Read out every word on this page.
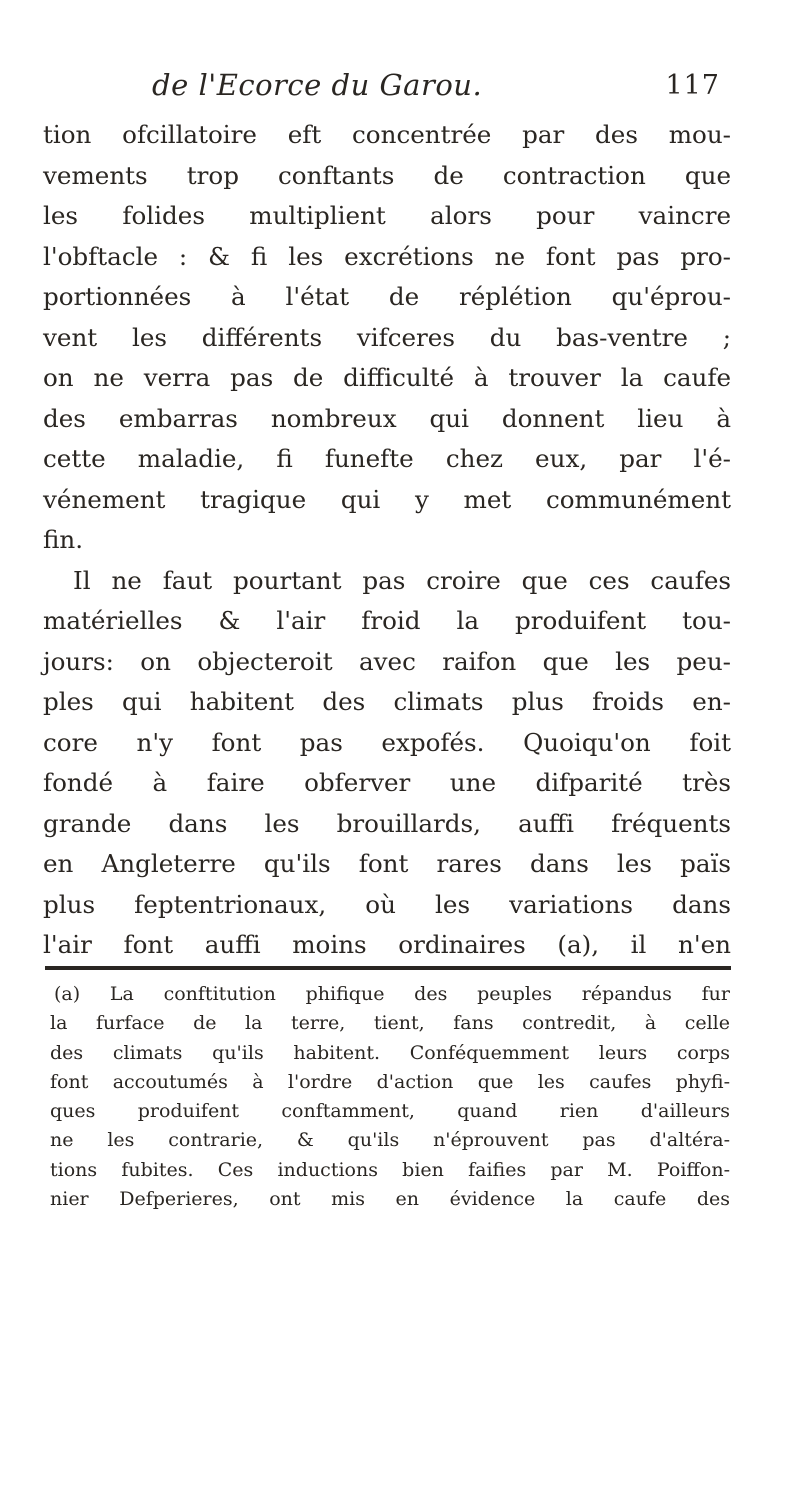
de l'Ecorce du Garou.	117
tion ofcillatoire eft concentrée par des mou-
vements trop conftants de contraction que
les folides multiplient alors pour vaincre
l'obftacle : & fi les excrétions ne font pas pro-
portionnées à l'état de réplétion qu'éprou-
vent les différents vifceres du bas-ventre ;
on ne verra pas de difficulté à trouver la caufe
des embarras nombreux qui donnent lieu à
cette maladie, fi funefte chez eux, par l'é-
vénement tragique qui y met communément
fin.
Il ne faut pourtant pas croire que ces caufes
matérielles & l'air froid la produifent tou-
jours: on objecteroit avec raifon que les peu-
ples qui habitent des climats plus froids en-
core n'y font pas expofés. Quoiqu'on foit
fondé à faire obferver une difparité très
grande dans les brouillards, auffi fréquents
en Angleterre qu'ils font rares dans les païs
plus feptentrionaux, où les variations dans
l'air font auffi moins ordinaires (a), il n'en
(a) La conftitution phifique des peuples répandus fur
la furface de la terre, tient, fans contredit, à celle
des climats qu'ils habitent. Conféquemment leurs corps
font accoutumés à l'ordre d'action que les caufes phyfi-
ques produifent conftamment, quand rien d'ailleurs
ne les contrarie, & qu'ils n'éprouvent pas d'altéra-
tions fubites. Ces inductions bien faifies par M. Poiffon-
nier Defperieres, ont mis en évidence la caufe des
